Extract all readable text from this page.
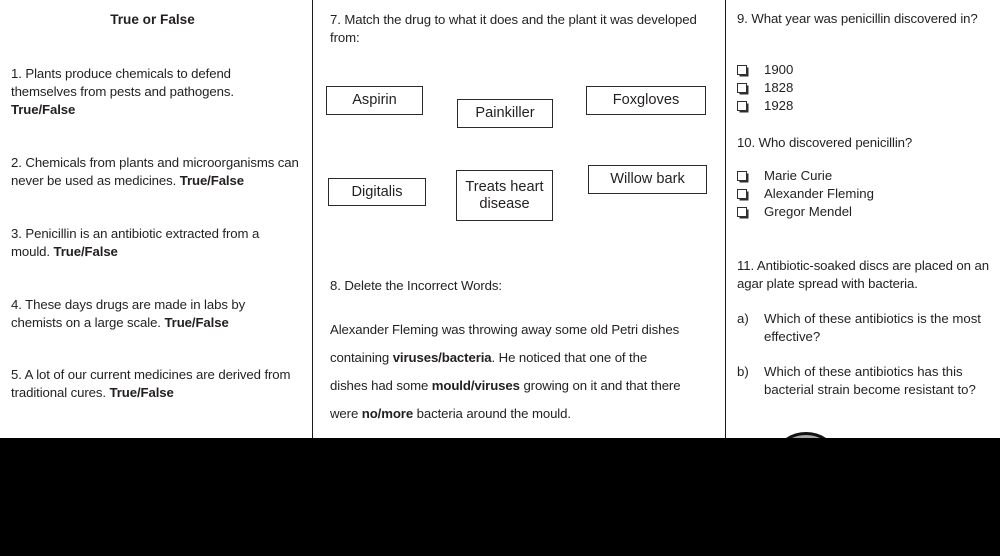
True or False
1. Plants produce chemicals to defend themselves from pests and pathogens. True/False
2. Chemicals from plants and microorganisms can never be used as medicines. True/False
3. Penicillin is an antibiotic extracted from a mould. True/False
4. These days drugs are made in labs by chemists on a large scale. True/False
5. A lot of our current medicines are derived from traditional cures. True/False
7. Match the drug to what it does and the plant it was developed from:
Aspirin
Painkiller
Foxgloves
Digitalis	Treats heart disease
Willow bark
8. Delete the Incorrect Words:
Alexander Fleming was throwing away some old Petri dishes
containing viruses/bacteria. He noticed that one of the
dishes had some mould/viruses growing on it and that there
were no/more bacteria around the mould.
9. What year was penicillin discovered in?
1900
1828
1928
10. Who discovered penicillin?
Marie Curie
Alexander Fleming
Gregor Mendel
11. Antibiotic-soaked discs are placed on an agar plate spread with bacteria.
a)	Which of these antibiotics is the most effective?
b)	Which of these antibiotics has this bacterial strain become resistant to?
